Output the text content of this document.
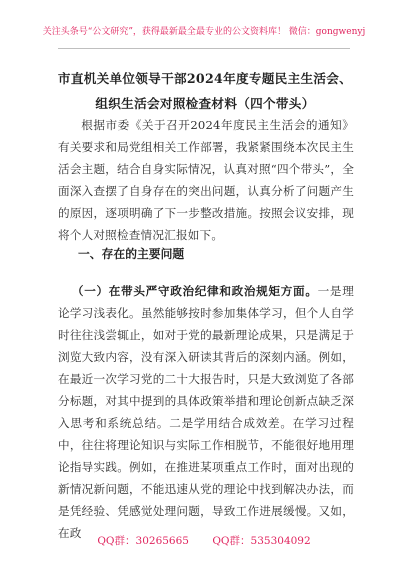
关注头条号“公文研究”，获得最新最全最专业的公文资料库！ 微信：gongwenyj
市直机关单位领导干部2024年度专题民主生活会、组织生活会对照检查材料（四个带头）
根据市委《关于召开2024年度民主生活会的通知》有关要求和局党组相关工作部署，我紧紧围绕本次民主生活会主题，结合自身实际情况，认真对照“四个带头”，全面深入查摆了自身存在的突出问题，认真分析了问题产生的原因，逐项明确了下一步整改措施。按照会议安排，现将个人对照检查情况汇报如下。
一、存在的主要问题
（一）在带头严守政治纪律和政治规矩方面。一是理论学习浅表化。虽然能够按时参加集体学习，但个人自学时往往浅尝辄止，如对于党的最新理论成果，只是满足于浏览大致内容，没有深入研读其背后的深刻内涵。例如，在最近一次学习党的二十大报告时，只是大致浏览了各部分标题，对其中提到的具体政策举措和理论创新点缺乏深入思考和系统总结。二是学用结合成效差。在学习过程中，往往将理论知识与实际工作相脱节，不能很好地用理论指导实践。例如，在推进某项重点工作时，面对出现的新情况新问题，不能迅速从党的理论中找到解决办法，而是凭经验、凭感觉处理问题，导致工作进展缓慢。又如，在政
QQ群：30265665 QQ群：535304092
